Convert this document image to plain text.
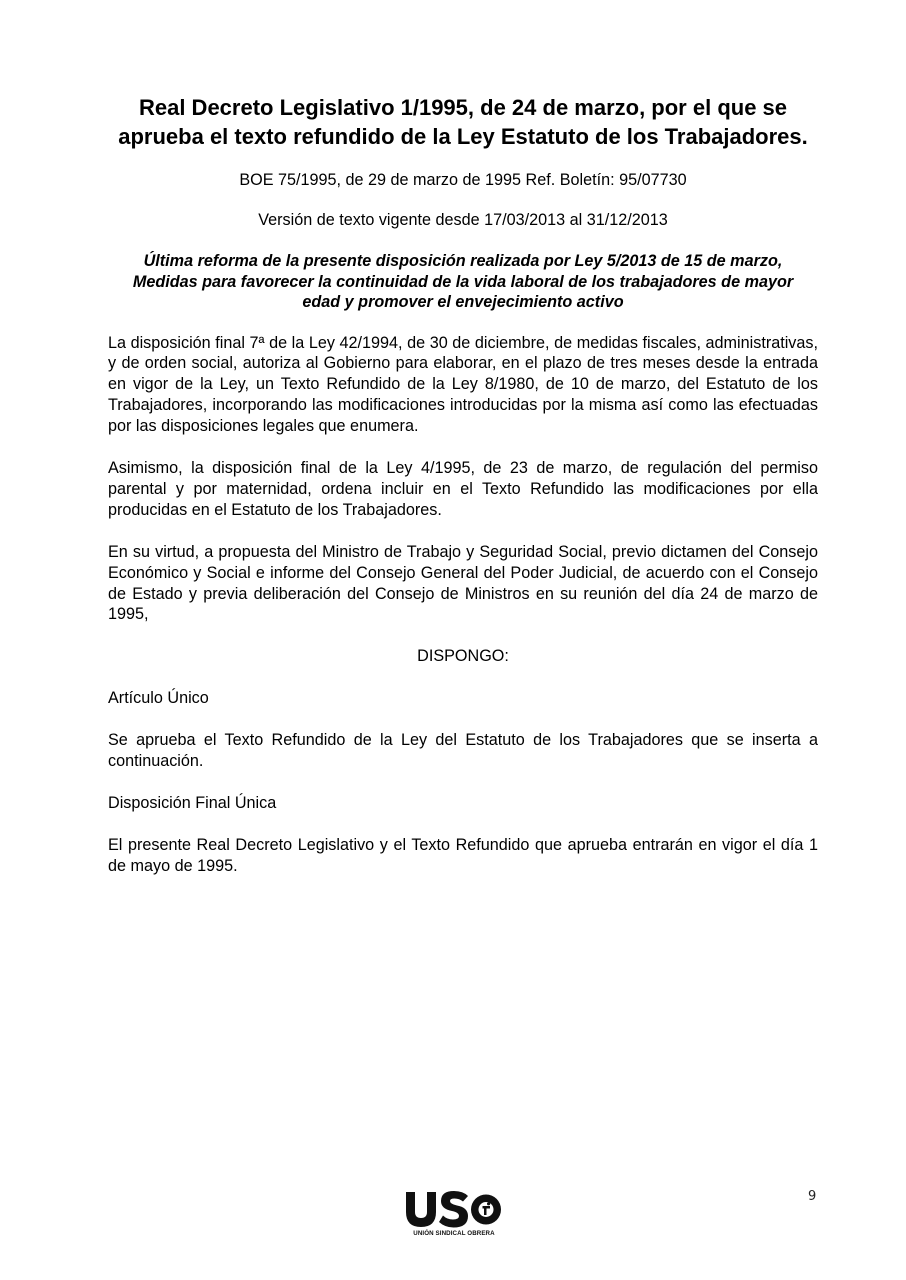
Real Decreto Legislativo 1/1995, de 24 de marzo, por el que se aprueba el texto refundido de la Ley Estatuto de los Trabajadores.
BOE 75/1995, de 29 de marzo de 1995 Ref. Boletín: 95/07730
Versión de texto vigente desde 17/03/2013 al 31/12/2013
Última reforma de la presente disposición realizada por Ley 5/2013 de 15 de marzo, Medidas para favorecer la continuidad de la vida laboral de los trabajadores de mayor edad y promover el envejecimiento activo
La disposición final 7ª de la Ley 42/1994, de 30 de diciembre, de medidas fiscales, administrativas, y de orden social, autoriza al Gobierno para elaborar, en el plazo de tres meses desde la entrada en vigor de la Ley, un Texto Refundido de la Ley 8/1980, de 10 de marzo, del Estatuto de los Trabajadores, incorporando las modificaciones introducidas por la misma así como las efectuadas por las disposiciones legales que enumera.
Asimismo, la disposición final de la Ley 4/1995, de 23 de marzo, de regulación del permiso parental y por maternidad, ordena incluir en el Texto Refundido las modificaciones por ella producidas en el Estatuto de los Trabajadores.
En su virtud, a propuesta del Ministro de Trabajo y Seguridad Social, previo dictamen del Consejo Económico y Social e informe del Consejo General del Poder Judicial, de acuerdo con el Consejo de Estado y previa deliberación del Consejo de Ministros en su reunión del día 24 de marzo de 1995,
DISPONGO:
Artículo Único
Se aprueba el Texto Refundido de la Ley del Estatuto de los Trabajadores que se inserta a continuación.
Disposición Final Única
El presente Real Decreto Legislativo y el Texto Refundido que aprueba entrarán en vigor el día 1 de mayo de 1995.
9
UNIÓN SINDICAL OBRERA
